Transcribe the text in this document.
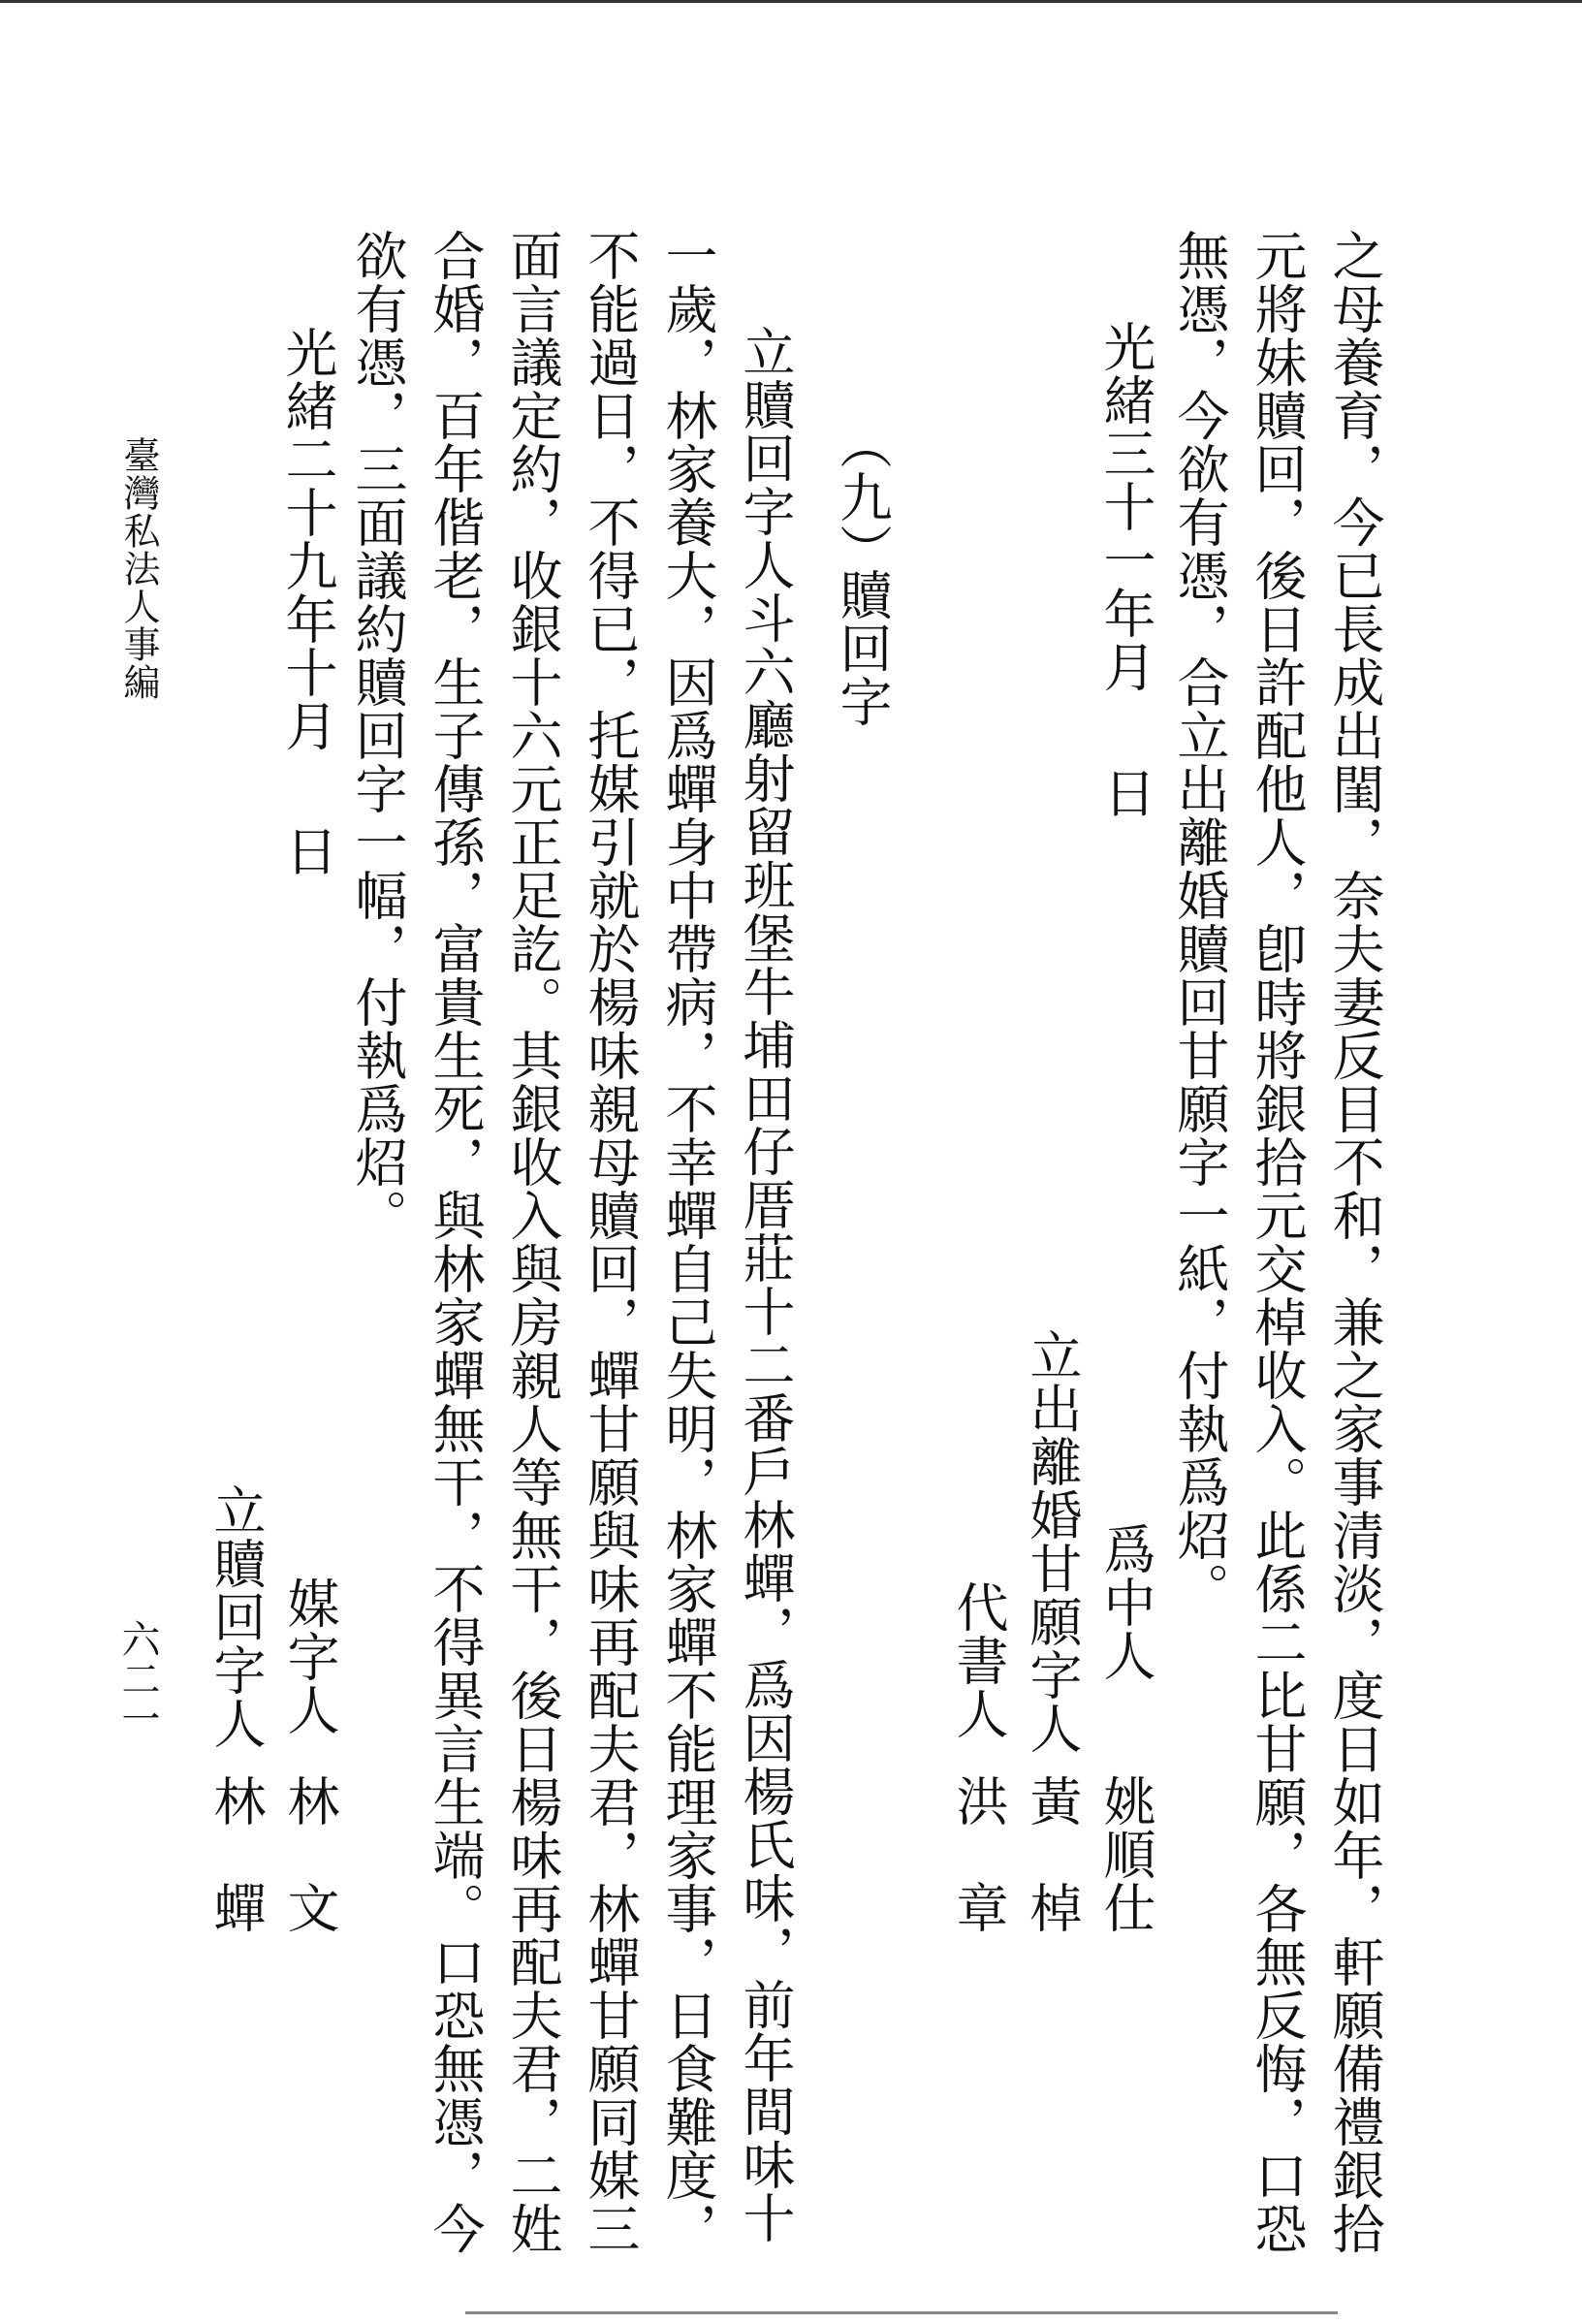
之母養育，今已長成出閨，奈夫妻反目不和，兼之家事清淡，度日如年，軒願備禮銀拾
元將妹贖回，後日許配他人，卽時將銀拾元交棹收入。此係二比甘願，各無反悔，口恐
無憑，今欲有憑，合立出離婚贖回甘願字一紙，付執爲炤。
光緒三十一年月
日
爲中人
姚順仕
立出離婚甘願字人
黃　棹
代書人
洪　章
（九）
贖回字
立贖回字人斗六廳射留班堡牛埔田仔厝莊十二番戶林蟬，爲因楊氏味，前年間味十
一歲，林家養大，因爲蟬身中帶病，不幸蟬自己失明，林家蟬不能理家事，日食難度，
不能過日，不得已，托媒引就於楊味親母贖回，蟬甘願與味再配夫君，林蟬甘願同媒三
面言議定約，收銀十六元正足訖。其銀收入與房親人等無干，後日楊味再配夫君，二姓
合婚，百年偕老，生子傳孫，富貴生死，與林家蟬無干，不得異言生端。口恐無憑，今
欲有憑，三面議約贖回字一幅，付執爲炤。
光緒二十九年十月
日
媒字人
林　文
立贖回字人
林　蟬
臺灣私法人事編
六二一
